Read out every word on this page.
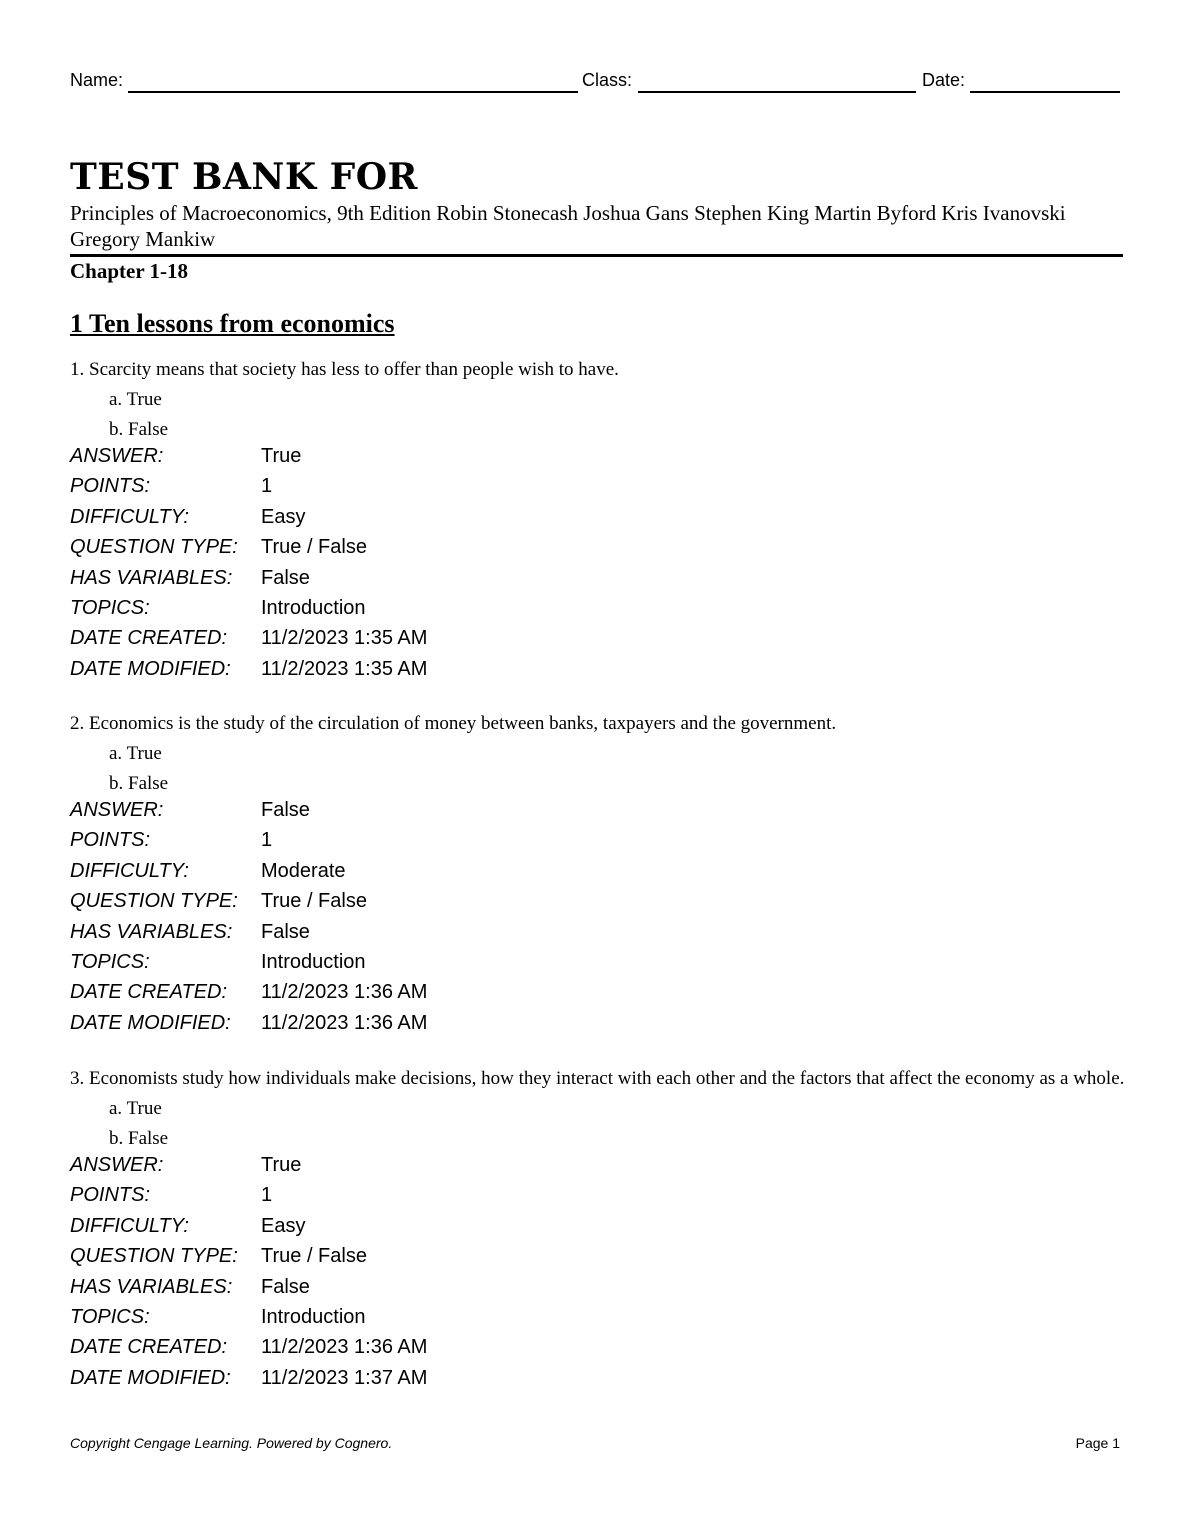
Name:	Class:	Date:
TEST BANK FOR
Principles of Macroeconomics, 9th Edition Robin Stonecash Joshua Gans Stephen King Martin Byford Kris Ivanovski Gregory Mankiw
Chapter 1-18
1 Ten lessons from economics

1. Scarcity means that society has less to offer than people wish to have.

a. True
b. False
ANSWER:	True
POINTS:	1
DIFFICULTY:	Easy
QUESTION TYPE: True / False
HAS VARIABLES: False
TOPICS:	Introduction
DATE CREATED: 11/2/2023 1:35 AM
DATE MODIFIED: 11/2/2023 1:35 AM

2. Economics is the study of the circulation of money between banks, taxpayers and the government.

a. True
b. False
ANSWER:	False
POINTS:	1
DIFFICULTY:	Moderate
QUESTION TYPE: True / False
HAS VARIABLES: False
TOPICS:	Introduction
DATE CREATED: 11/2/2023 1:36 AM
DATE MODIFIED: 11/2/2023 1:36 AM

3. Economists study how individuals make decisions, how they interact with each other and the factors that affect the economy as a whole.

a. True
b. False
ANSWER:	True
POINTS:	1
DIFFICULTY:	Easy
QUESTION TYPE: True / False
HAS VARIABLES: False
TOPICS:	Introduction
DATE CREATED: 11/2/2023 1:36 AM
DATE MODIFIED: 11/2/2023 1:37 AM
Copyright Cengage Learning. Powered by Cognero.	Page 1
